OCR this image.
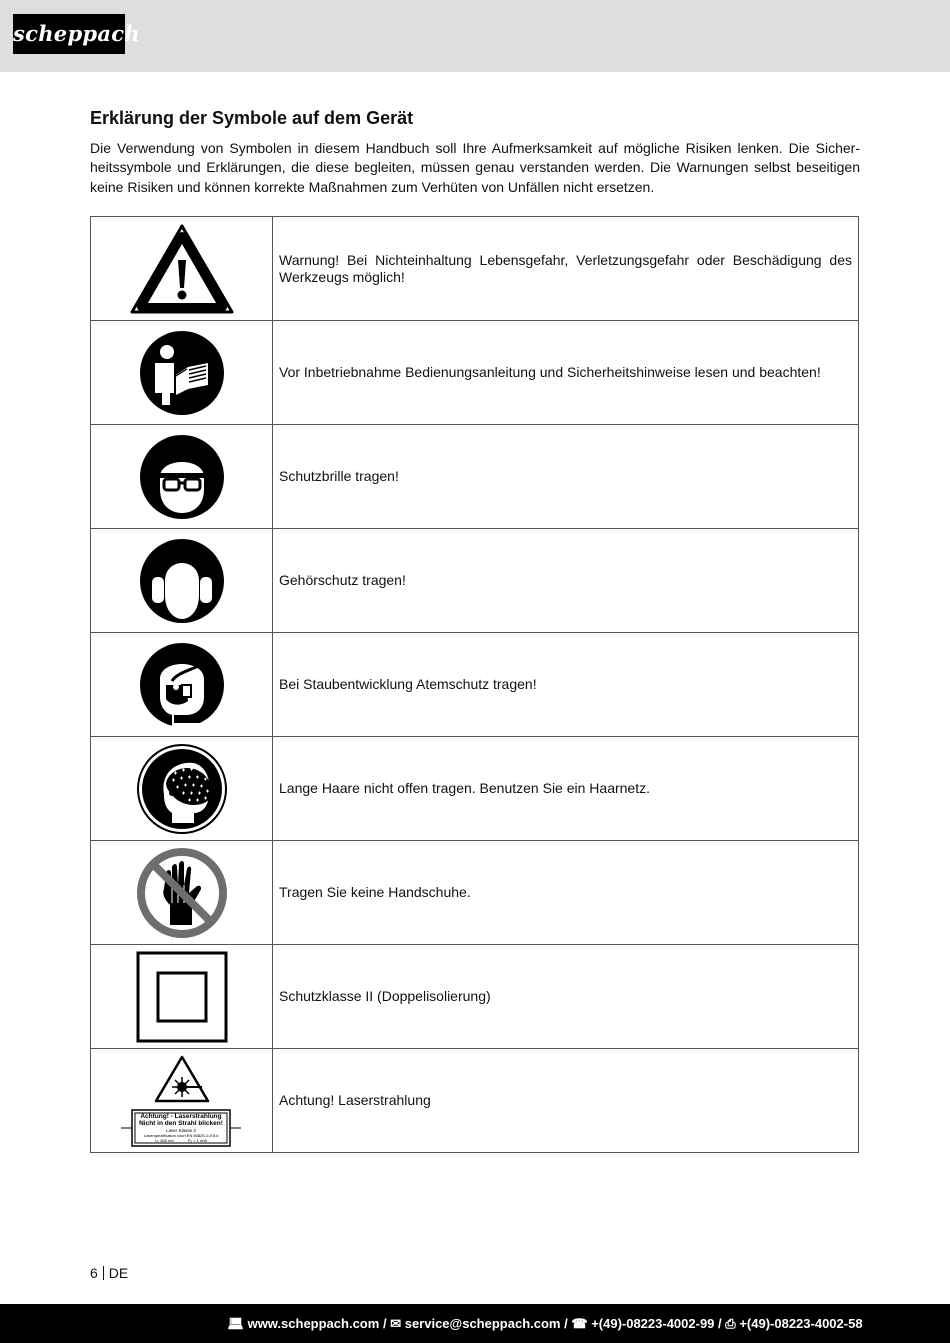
scheppach
Erklärung der Symbole auf dem Gerät

Die Verwendung von Symbolen in diesem Handbuch soll Ihre Aufmerksamkeit auf mögliche Risiken lenken. Die Sicher-heitssymbole und Erklärungen, die diese begleiten, müssen genau verstanden werden. Die Warnungen selbst beseitigen keine Risiken und können korrekte Maßnahmen zum Verhüten von Unfällen nicht ersetzen.

	Warnung! Bei Nichteinhaltung Lebensgefahr, Verletzungsgefahr oder Beschädigung des Werkzeugs möglich!

	Vor Inbetriebnahme Bedienungsanleitung und Sicherheitshinweise lesen und beachten!

	Schutzbrille tragen!

	Gehörschutz tragen!

	Bei Staubentwicklung Atemschutz tragen!

	Lange Haare nicht offen tragen. Benutzen Sie ein Haarnetz.

	Tragen Sie keine Handschuhe.

	Schutzklasse II (Doppelisolierung)

Achtung! - Laserstrahlung
Nicht in den Strahl blicken!
Laser Klasse 2
Laserspezifikation nach EN 60825-1:2014
λ= 650 nm Pₒ < 1 mW	Achtung! Laserstrahlung
6 DE
💻︎ www.scheppach.com / ✉ service@scheppach.com / ☎ +(49)-08223-4002-99 / ⎙ +(49)-08223-4002-58
